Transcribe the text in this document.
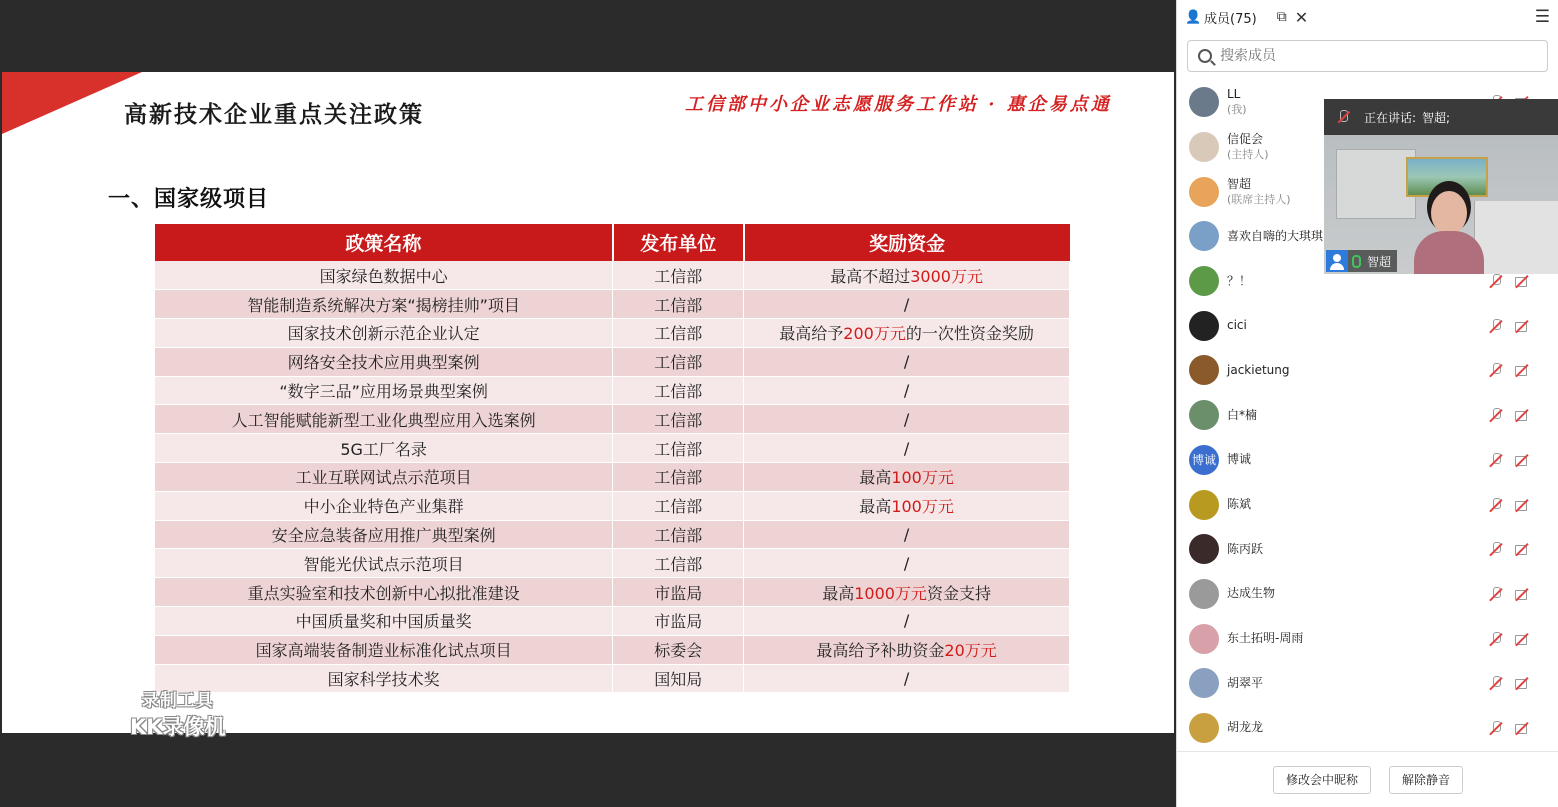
高新技术企业重点关注政策	工信部中小企业志愿服务工作站 · 惠企易点通
一、国家级项目
政策名称	发布单位	奖励资金
国家绿色数据中心	工信部	最高不超过3000万元
智能制造系统解决方案“揭榜挂帅”项目	工信部	/
国家技术创新示范企业认定	工信部	最高给予200万元的一次性资金奖励
网络安全技术应用典型案例	工信部	/
“数字三品”应用场景典型案例	工信部	/
人工智能赋能新型工业化典型应用入选案例	工信部	/
5G工厂名录	工信部	/
工业互联网试点示范项目	工信部	最高100万元
中小企业特色产业集群	工信部	最高100万元
安全应急装备应用推广典型案例	工信部	/
智能光伏试点示范项目	工信部	/
重点实验室和技术创新中心拟批准建设	市监局	最高1000万元资金支持
中国质量奖和中国质量奖	市监局	/
国家高端装备制造业标准化试点项目	标委会	最高给予补助资金20万元
国家科学技术奖	国知局	/
录制工具
KK录像机
👤 成员(75) ⧉ ✕	☰
搜索成员
LL
(我)
信促会
(主持人)
智超
(联席主持人)
喜欢自嗨的大琪琪
？！
cici
jackietung
白*楠
博诚 博诚
陈斌
陈丙跃
达成生物
东土拓明-周雨
胡翠平
胡龙龙
修改会中昵称	解除静音
正在讲话: 智超;
智超
